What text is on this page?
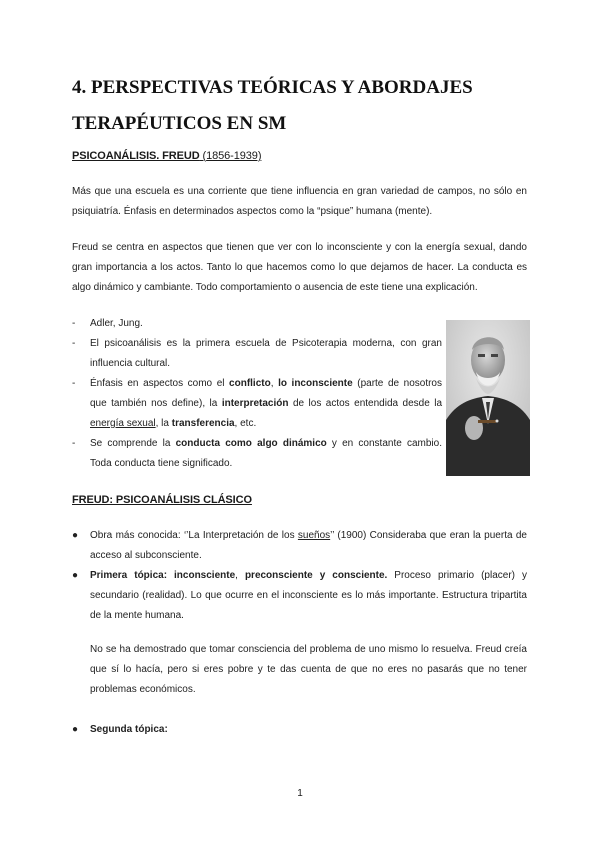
4. PERSPECTIVAS TEÓRICAS Y ABORDAJES
TERAPÉUTICOS EN SM
PSICOANÁLISIS. FREUD (1856-1939)
Más que una escuela es una corriente que tiene influencia en gran variedad de campos, no sólo en psiquiatría. Énfasis en determinados aspectos como la “psique” humana (mente).
Freud se centra en aspectos que tienen que ver con lo inconsciente y con la energía sexual, dando gran importancia a los actos. Tanto lo que hacemos como lo que dejamos de hacer. La conducta es algo dinámico y cambiante. Todo comportamiento o ausencia de este tiene una explicación.
- Adler, Jung.
- El psicoanálisis es la primera escuela de Psicoterapia moderna, con gran influencia cultural.
- Énfasis en aspectos como el conflicto, lo inconsciente (parte de nosotros que también nos define), la interpretación de los actos entendida desde la energía sexual, la transferencia, etc.
- Se comprende la conducta como algo dinámico y en constante cambio. Toda conducta tiene significado.
FREUD: PSICOANÁLISIS CLÁSICO
● Obra más conocida: ‘’La Interpretación de los sueños’’ (1900) Consideraba que eran la puerta de acceso al subconsciente.
● Primera tópica: inconsciente, preconsciente y consciente. Proceso primario (placer) y secundario (realidad). Lo que ocurre en el inconsciente es lo más importante. Estructura tripartita de la mente humana.
No se ha demostrado que tomar consciencia del problema de uno mismo lo resuelva. Freud creía que sí lo hacía, pero si eres pobre y te das cuenta de que no eres no pasarás que no tener problemas económicos.
● Segunda tópica:
1
